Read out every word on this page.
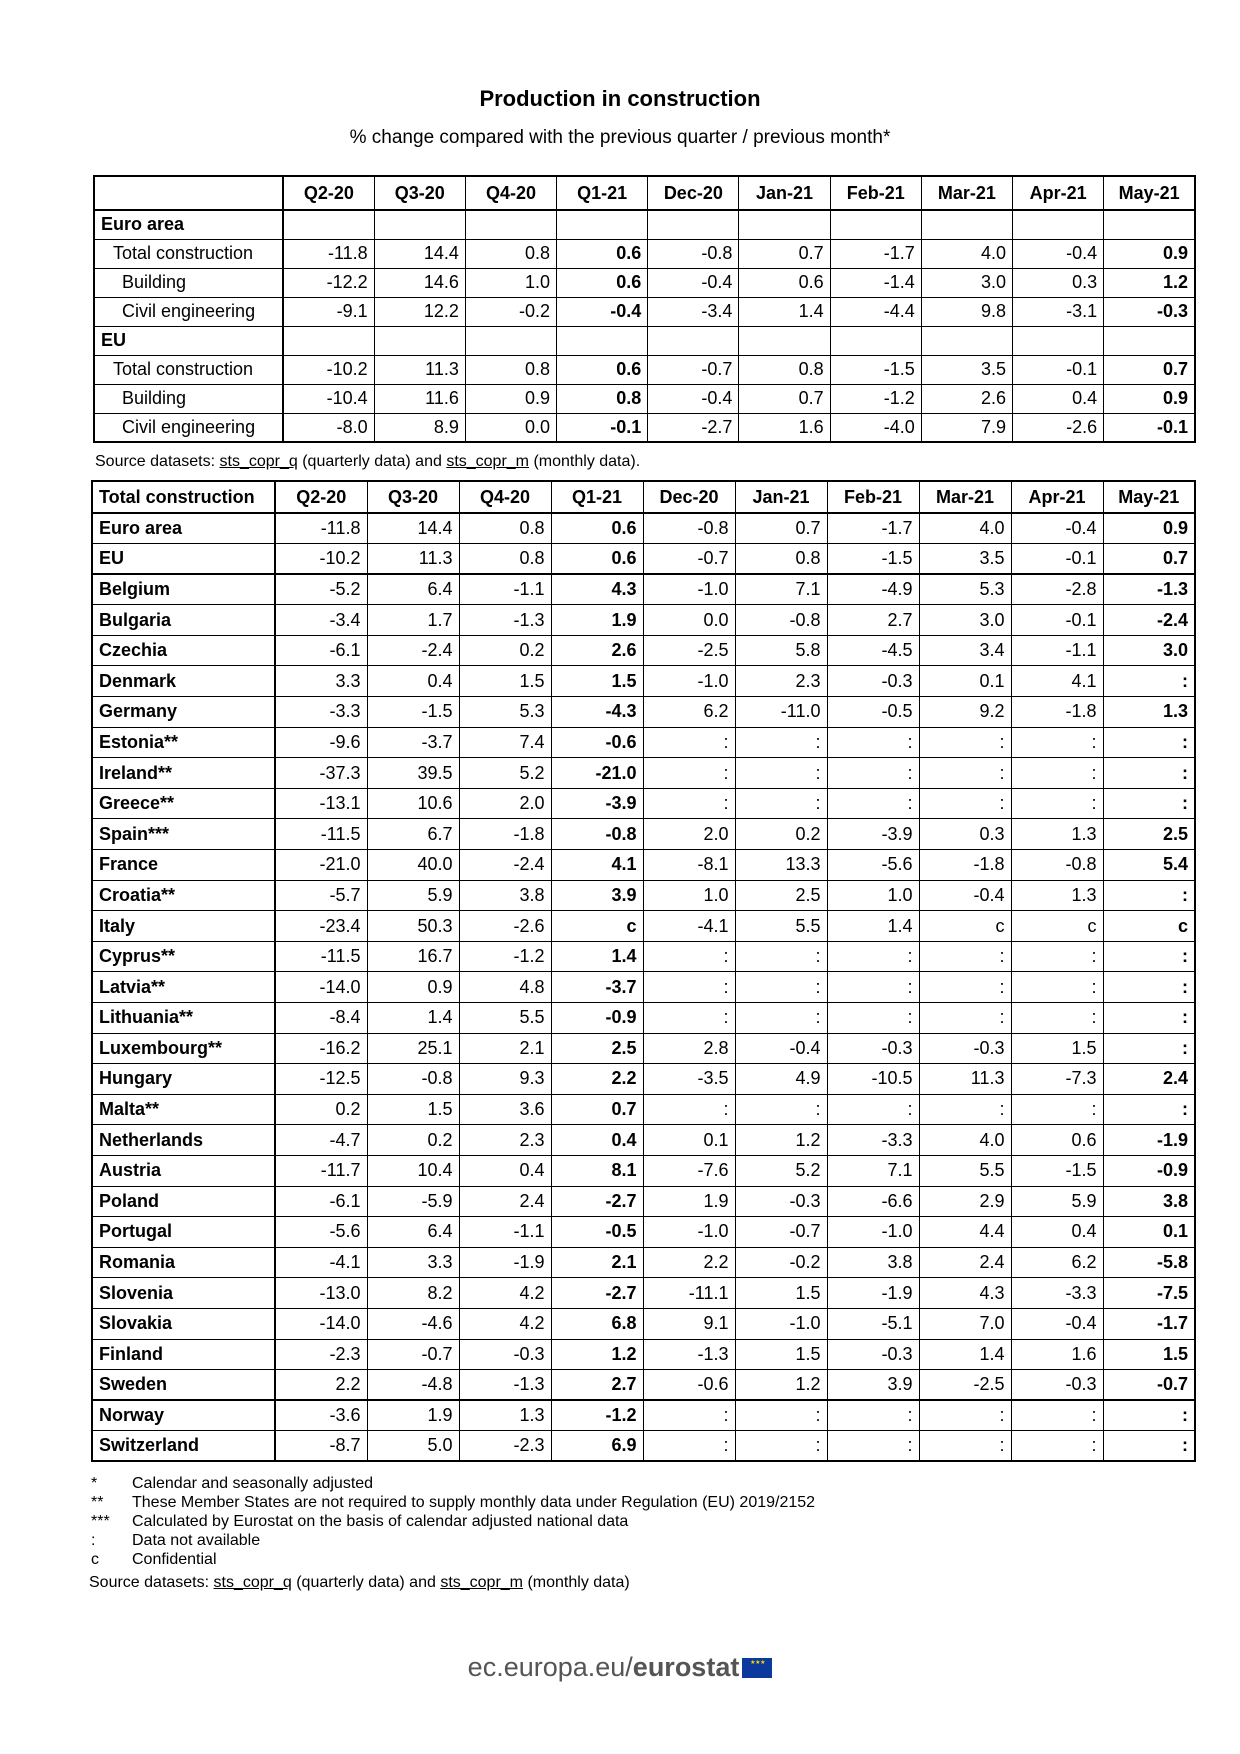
Production in construction
% change compared with the previous quarter / previous month*
	Q2-20	Q3-20	Q4-20	Q1-21	Dec-20	Jan-21	Feb-21	Mar-21	Apr-21	May-21
Euro area										
Total construction	-11.8	14.4	0.8	0.6	-0.8	0.7	-1.7	4.0	-0.4	0.9
Building	-12.2	14.6	1.0	0.6	-0.4	0.6	-1.4	3.0	0.3	1.2
Civil engineering	-9.1	12.2	-0.2	-0.4	-3.4	1.4	-4.4	9.8	-3.1	-0.3
EU										
Total construction	-10.2	11.3	0.8	0.6	-0.7	0.8	-1.5	3.5	-0.1	0.7
Building	-10.4	11.6	0.9	0.8	-0.4	0.7	-1.2	2.6	0.4	0.9
Civil engineering	-8.0	8.9	0.0	-0.1	-2.7	1.6	-4.0	7.9	-2.6	-0.1
Source datasets: sts_copr_q (quarterly data) and sts_copr_m (monthly data).
Total construction	Q2-20	Q3-20	Q4-20	Q1-21	Dec-20	Jan-21	Feb-21	Mar-21	Apr-21	May-21
Euro area	-11.8	14.4	0.8	0.6	-0.8	0.7	-1.7	4.0	-0.4	0.9
EU	-10.2	11.3	0.8	0.6	-0.7	0.8	-1.5	3.5	-0.1	0.7
Belgium	-5.2	6.4	-1.1	4.3	-1.0	7.1	-4.9	5.3	-2.8	-1.3
Bulgaria	-3.4	1.7	-1.3	1.9	0.0	-0.8	2.7	3.0	-0.1	-2.4
Czechia	-6.1	-2.4	0.2	2.6	-2.5	5.8	-4.5	3.4	-1.1	3.0
Denmark	3.3	0.4	1.5	1.5	-1.0	2.3	-0.3	0.1	4.1	:
Germany	-3.3	-1.5	5.3	-4.3	6.2	-11.0	-0.5	9.2	-1.8	1.3
Estonia**	-9.6	-3.7	7.4	-0.6	:	:	:	:	:	:
Ireland**	-37.3	39.5	5.2	-21.0	:	:	:	:	:	:
Greece**	-13.1	10.6	2.0	-3.9	:	:	:	:	:	:
Spain***	-11.5	6.7	-1.8	-0.8	2.0	0.2	-3.9	0.3	1.3	2.5
France	-21.0	40.0	-2.4	4.1	-8.1	13.3	-5.6	-1.8	-0.8	5.4
Croatia**	-5.7	5.9	3.8	3.9	1.0	2.5	1.0	-0.4	1.3	:
Italy	-23.4	50.3	-2.6	c	-4.1	5.5	1.4	c	c	c
Cyprus**	-11.5	16.7	-1.2	1.4	:	:	:	:	:	:
Latvia**	-14.0	0.9	4.8	-3.7	:	:	:	:	:	:
Lithuania**	-8.4	1.4	5.5	-0.9	:	:	:	:	:	:
Luxembourg**	-16.2	25.1	2.1	2.5	2.8	-0.4	-0.3	-0.3	1.5	:
Hungary	-12.5	-0.8	9.3	2.2	-3.5	4.9	-10.5	11.3	-7.3	2.4
Malta**	0.2	1.5	3.6	0.7	:	:	:	:	:	:
Netherlands	-4.7	0.2	2.3	0.4	0.1	1.2	-3.3	4.0	0.6	-1.9
Austria	-11.7	10.4	0.4	8.1	-7.6	5.2	7.1	5.5	-1.5	-0.9
Poland	-6.1	-5.9	2.4	-2.7	1.9	-0.3	-6.6	2.9	5.9	3.8
Portugal	-5.6	6.4	-1.1	-0.5	-1.0	-0.7	-1.0	4.4	0.4	0.1
Romania	-4.1	3.3	-1.9	2.1	2.2	-0.2	3.8	2.4	6.2	-5.8
Slovenia	-13.0	8.2	4.2	-2.7	-11.1	1.5	-1.9	4.3	-3.3	-7.5
Slovakia	-14.0	-4.6	4.2	6.8	9.1	-1.0	-5.1	7.0	-0.4	-1.7
Finland	-2.3	-0.7	-0.3	1.2	-1.3	1.5	-0.3	1.4	1.6	1.5
Sweden	2.2	-4.8	-1.3	2.7	-0.6	1.2	3.9	-2.5	-0.3	-0.7
Norway	-3.6	1.9	1.3	-1.2	:	:	:	:	:	:
Switzerland	-8.7	5.0	-2.3	6.9	:	:	:	:	:	:
*	Calendar and seasonally adjusted
**	These Member States are not required to supply monthly data under Regulation (EU) 2019/2152
***	Calculated by Eurostat on the basis of calendar adjusted national data
:	Data not available
c	Confidential
Source datasets: sts_copr_q (quarterly data) and sts_copr_m (monthly data)
ec.europa.eu/eurostat★ ★ ★
